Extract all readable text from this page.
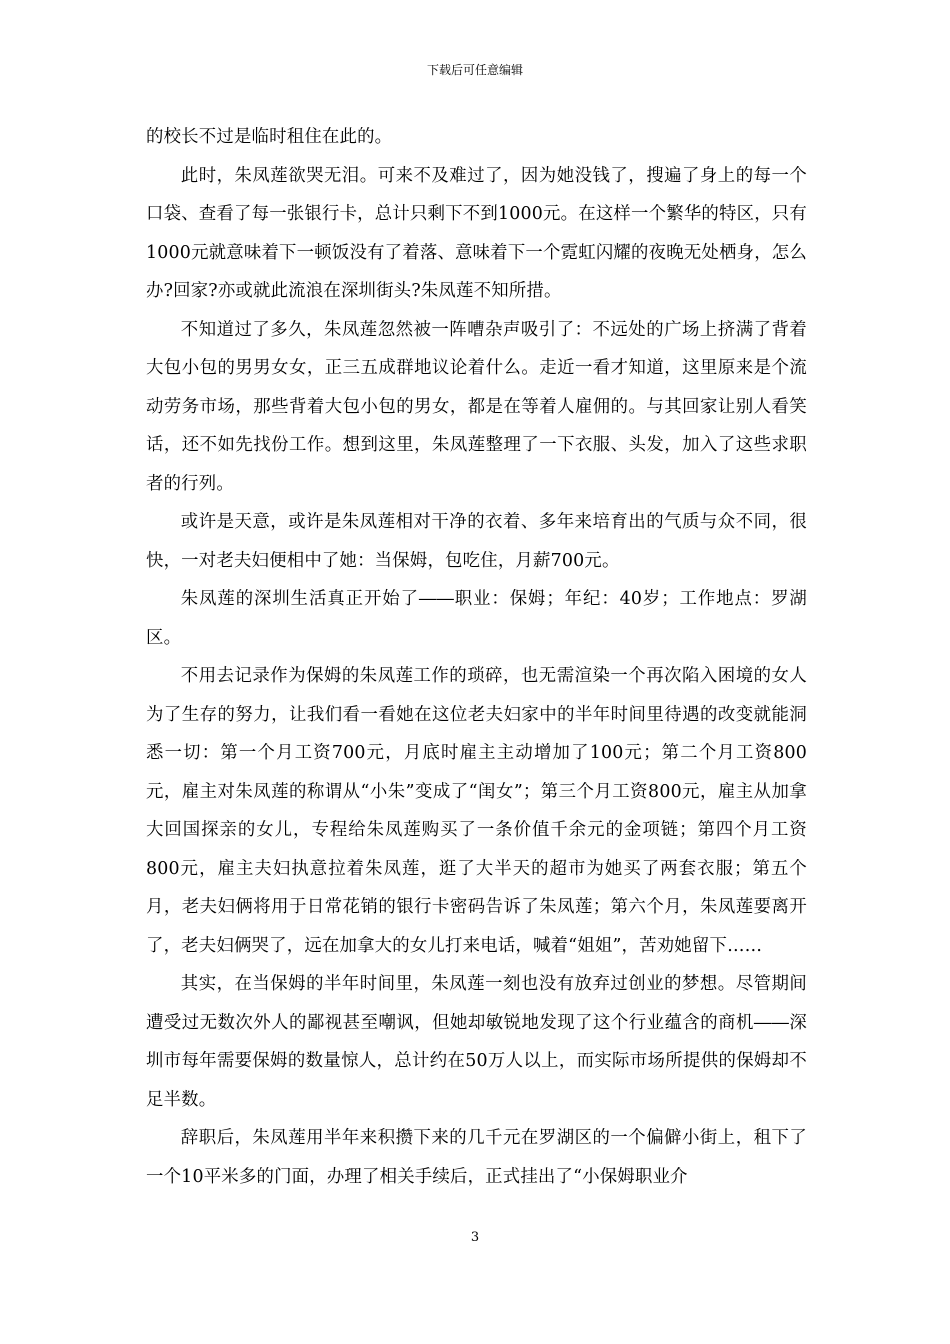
下载后可任意编辑

的校长不过是临时租住在此的。

此时，朱凤莲欲哭无泪。可来不及难过了，因为她没钱了，搜遍了身上的每一个口袋、查看了每一张银行卡，总计只剩下不到1000元。在这样一个繁华的特区，只有1000元就意味着下一顿饭没有了着落、意味着下一个霓虹闪耀的夜晚无处栖身，怎么办?回家?亦或就此流浪在深圳街头?朱凤莲不知所措。

不知道过了多久，朱凤莲忽然被一阵嘈杂声吸引了：不远处的广场上挤满了背着大包小包的男男女女，正三五成群地议论着什么。走近一看才知道，这里原来是个流动劳务市场，那些背着大包小包的男女，都是在等着人雇佣的。与其回家让别人看笑话，还不如先找份工作。想到这里，朱凤莲整理了一下衣服、头发，加入了这些求职者的行列。

或许是天意，或许是朱凤莲相对干净的衣着、多年来培育出的气质与众不同，很快，一对老夫妇便相中了她：当保姆，包吃住，月薪700元。

朱凤莲的深圳生活真正开始了――职业：保姆；年纪：40岁；工作地点：罗湖区。

不用去记录作为保姆的朱凤莲工作的琐碎，也无需渲染一个再次陷入困境的女人为了生存的努力，让我们看一看她在这位老夫妇家中的半年时间里待遇的改变就能洞悉一切：第一个月工资700元，月底时雇主主动增加了100元；第二个月工资800元，雇主对朱凤莲的称谓从“小朱”变成了“闺女”；第三个月工资800元，雇主从加拿大回国探亲的女儿，专程给朱凤莲购买了一条价值千余元的金项链；第四个月工资800元，雇主夫妇执意拉着朱凤莲，逛了大半天的超市为她买了两套衣服；第五个月，老夫妇俩将用于日常花销的银行卡密码告诉了朱凤莲；第六个月，朱凤莲要离开了，老夫妇俩哭了，远在加拿大的女儿打来电话，喊着“姐姐”，苦劝她留下……

其实，在当保姆的半年时间里，朱凤莲一刻也没有放弃过创业的梦想。尽管期间遭受过无数次外人的鄙视甚至嘲讽，但她却敏锐地发现了这个行业蕴含的商机――深圳市每年需要保姆的数量惊人，总计约在50万人以上，而实际市场所提供的保姆却不足半数。

辞职后，朱凤莲用半年来积攒下来的几千元在罗湖区的一个偏僻小街上，租下了一个10平米多的门面，办理了相关手续后，正式挂出了“小保姆职业介

3
